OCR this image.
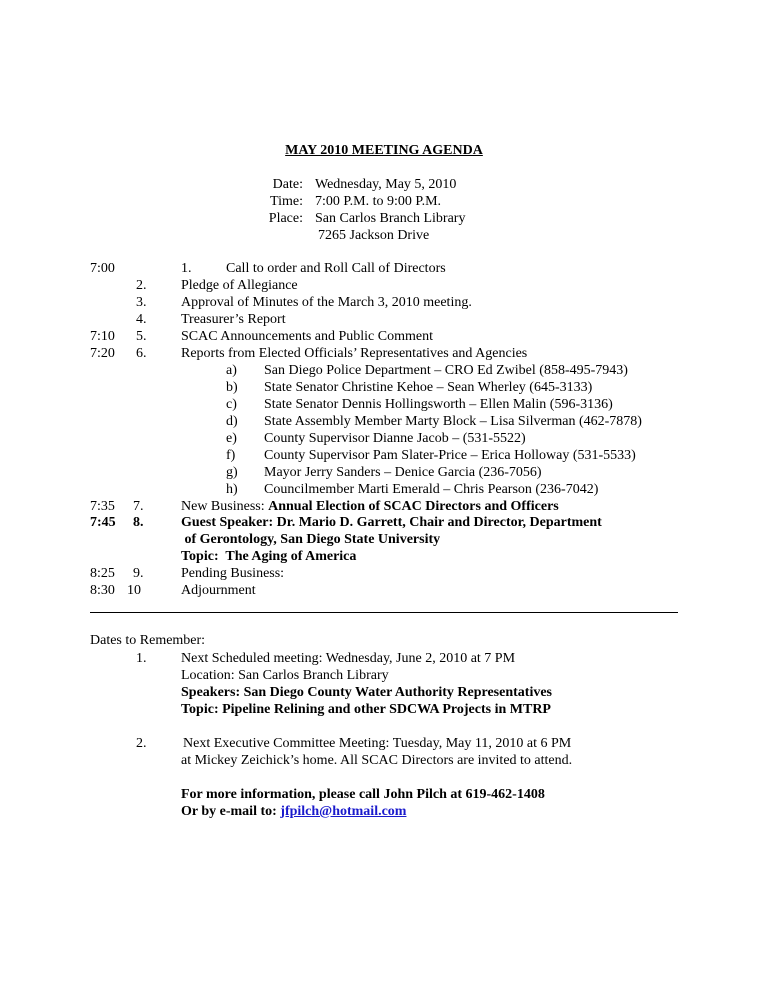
MAY 2010 MEETING AGENDA
Date: Wednesday, May 5, 2010
Time: 7:00 P.M. to 9:00 P.M.
Place: San Carlos Branch Library
7265 Jackson Drive
7:00	1. Call to order and Roll Call of Directors
2. Pledge of Allegiance
3. Approval of Minutes of the March 3, 2010 meeting.
4. Treasurer’s Report
7:10 5. SCAC Announcements and Public Comment
7:20 6. Reports from Elected Officials’ Representatives and Agencies
a) San Diego Police Department – CRO Ed Zwibel (858-495-7943)
b) State Senator Christine Kehoe – Sean Wherley (645-3133)
c) State Senator Dennis Hollingsworth – Ellen Malin (596-3136)
d) State Assembly Member Marty Block – Lisa Silverman (462-7878)
e) County Supervisor Dianne Jacob – (531-5522)
f) County Supervisor Pam Slater-Price – Erica Holloway (531-5533)
g) Mayor Jerry Sanders – Denice Garcia (236-7056)
h) Councilmember Marti Emerald – Chris Pearson (236-7042)
7:35 7.	New Business: Annual Election of SCAC Directors and Officers
7:45 8.	Guest Speaker: Dr. Mario D. Garrett, Chair and Director, Department
of Gerontology, San Diego State University
Topic:  The Aging of America
8:25 9.	Pending Business:
8:30 10	Adjournment
Dates to Remember:
1. Next Scheduled meeting: Wednesday, June 2, 2010 at 7 PM
Location: San Carlos Branch Library
Speakers: San Diego County Water Authority Representatives
Topic: Pipeline Relining and other SDCWA Projects in MTRP
2.	Next Executive Committee Meeting: Tuesday, May 11, 2010 at 6 PM
at Mickey Zeichick’s home. All SCAC Directors are invited to attend.
For more information, please call John Pilch at 619-462-1408
Or by e-mail to: jfpilch@hotmail.com
